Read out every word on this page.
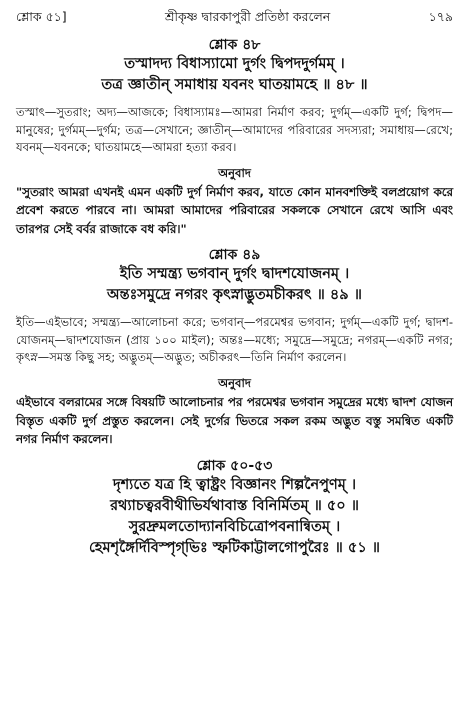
শ্লোক ৫১]	শ্রীকৃষ্ণ দ্বারকাপুরী প্রতিষ্ঠা করলেন	১৭৯
শ্লোক ৪৮
তস্মাদদ্য বিধাস্যামো দুর্গং দ্বিপদদুর্গমম্ ।
তত্র জ্ঞাতীন্ সমাধায় যবনং ঘাতয়ামহে ॥ ৪৮ ॥
তস্মাৎ—সুতরাং; অদ্য—আজকে; বিধাস্যামঃ—আমরা নির্মাণ করব; দুর্গম্—একটি দুর্গ; দ্বিপদ—মানুষের; দুর্গমম্—দুর্গম; তত্র—সেখানে; জ্ঞাতীন্—আমাদের পরিবারের সদস্যরা; সমাধায়—রেখে; যবনম্—যবনকে; ঘাতয়ামহে—আমরা হত্যা করব।
অনুবাদ
"সুতরাং আমরা এখনই এমন একটি দুর্গ নির্মাণ করব, যাতে কোন মানবশক্তিই বলপ্রয়োগ করে প্রবেশ করতে পারবে না। আমরা আমাদের পরিবারের সকলকে সেখানে রেখে আসি এবং তারপর সেই বর্বর রাজাকে বধ করি।"
শ্লোক ৪৯
ইতি সম্মন্ত্র্য ভগবান্ দুর্গং দ্বাদশযোজনম্ ।
অন্তঃসমুদ্রে নগরং কৃৎস্নাদ্ভুতমচীকরৎ ॥ ৪৯ ॥
ইতি—এইভাবে; সম্মন্ত্র্য—আলোচনা করে; ভগবান্—পরমেশ্বর ভগবান; দুর্গম্—একটি দুর্গ; দ্বাদশ-যোজনম্—দ্বাদশযোজন (প্রায় ১০০ মাইল); অন্তঃ—মধ্যে; সমুদ্রে—সমুদ্রে; নগরম্—একটি নগর; কৃৎস্ন—সমস্ত কিছু সহ; অদ্ভুতম্—অদ্ভুত; অচীকরৎ—তিনি নির্মাণ করলেন।
অনুবাদ
এইভাবে বলরামের সঙ্গে বিষয়টি আলোচনার পর পরমেশ্বর ভগবান সমুদ্রের মধ্যে দ্বাদশ যোজন বিস্তৃত একটি দুর্গ প্রস্তুত করলেন। সেই দুর্গের ভিতরে সকল রকম অদ্ভুত বস্তু সমন্বিত একটি নগর নির্মাণ করলেন।
শ্লোক ৫০-৫৩
দৃশ্যতে যত্র হি ত্বাষ্ট্রং বিজ্ঞানং শিল্পনৈপুণম্ ।
রথ্যাচত্বরবীথীভির্যথাবাস্ত বিনির্মিতম্ ॥ ৫০ ॥
সুরদ্রুমলতোদ্যানবিচিত্রোপবনান্বিতম্ ।
হেমশৃঙ্গৈর্দিবিস্পৃগ্‌ভিঃ স্ফটিকাট্টালগোপুরৈঃ ॥ ৫১ ॥
